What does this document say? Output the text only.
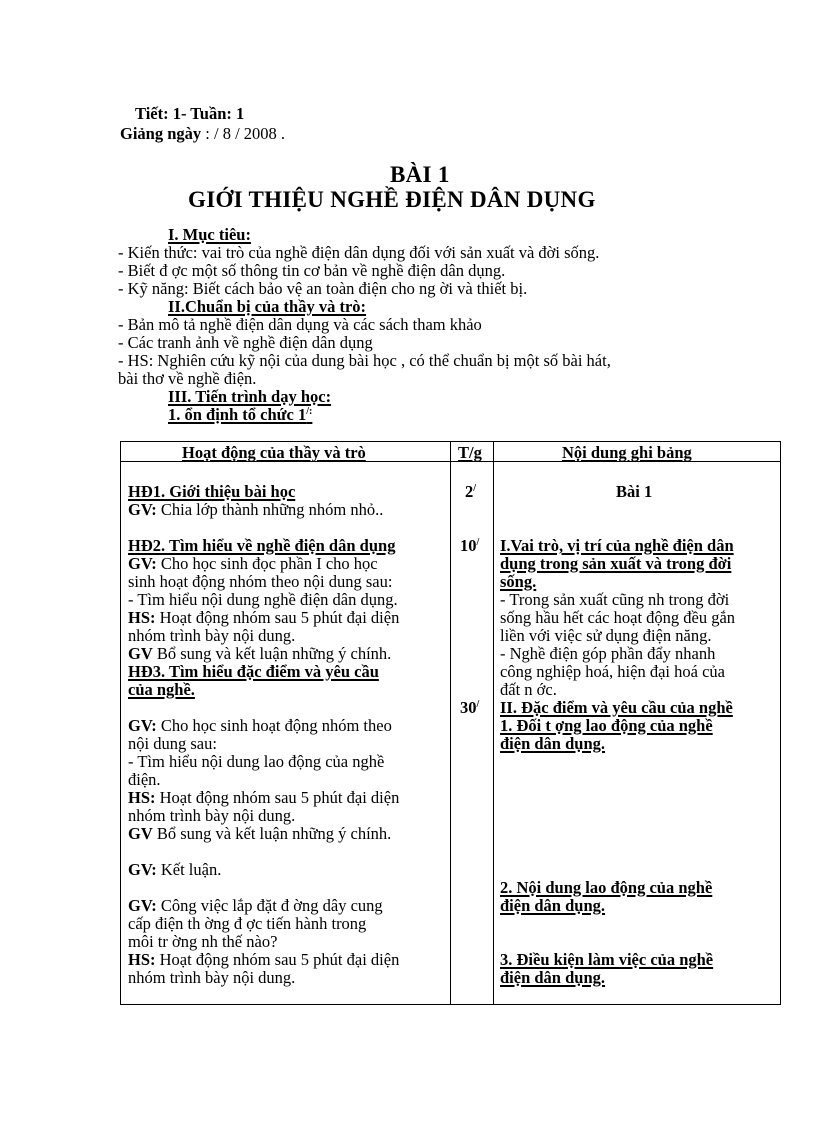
Tiết: 1- Tuần: 1
Giảng ngày : / 8 / 2008 .
BÀI 1
GIỚI THIỆU NGHỀ ĐIỆN DÂN DỤNG
I. Mục tiêu:
- Kiến thức: vai trò của nghề điện dân dụng đối với sản xuất và đời sống.
- Biết đ ợc một số thông tin cơ bản về nghề điện dân dụng.
- Kỹ năng: Biết cách bảo vệ an toàn điện cho ng ời và thiết bị.
II.Chuẩn bị của thầy và trò:
- Bản mô tả nghề điện dân dụng và các sách tham khảo
- Các tranh ảnh về nghề điện dân dụng
- HS: Nghiên cứu kỹ nội của dung bài học , có thể chuẩn bị một số bài hát,
bài thơ về nghề điện.
III. Tiến trình dạy học:
1. ổn định tổ chức 1/:
Hoạt động của thầy và trò	T/g	Nội dung ghi bảng
HĐ1. Giới thiệu bài học
GV: Chia lớp thành những nhóm nhỏ..
HĐ2. Tìm hiểu về nghề điện dân dụng
GV: Cho học sinh đọc phần I cho học
sinh hoạt động nhóm theo nội dung sau:
- Tìm hiểu nội dung nghề điện dân dụng.
HS: Hoạt động nhóm sau 5 phút đại diện
nhóm trình bày nội dung.
GV Bổ sung và kết luận những ý chính.
HĐ3. Tìm hiểu đặc điểm và yêu cầu
của nghề.
GV: Cho học sinh hoạt động nhóm theo
nội dung sau:
- Tìm hiểu nội dung lao động của nghề
điện.
HS: Hoạt động nhóm sau 5 phút đại diện
nhóm trình bày nội dung.
GV Bổ sung và kết luận những ý chính.
GV: Kết luận.
GV: Công việc lắp đặt đ ờng dây cung
cấp điện th ờng đ ợc tiến hành trong
môi tr ờng nh thế nào?
HS: Hoạt động nhóm sau 5 phút đại diện
nhóm trình bày nội dung.
2/
10/
30/
Bài 1
I.Vai trò, vị trí của nghề điện dân
dụng trong sản xuất và trong đời
sống.
- Trong sản xuất cũng nh trong đời
sống hầu hết các hoạt động đều gắn
liền với việc sử dụng điện năng.
- Nghề điện góp phần đẩy nhanh
công nghiệp hoá, hiện đại hoá của
đất n ớc.
II. Đặc điểm và yêu cầu của nghề
1. Đối t ợng lao động của nghề
điện dân dụng.
2. Nội dung lao động của nghề
điện dân dụng.
3. Điều kiện làm việc của nghề
điện dân dụng.
